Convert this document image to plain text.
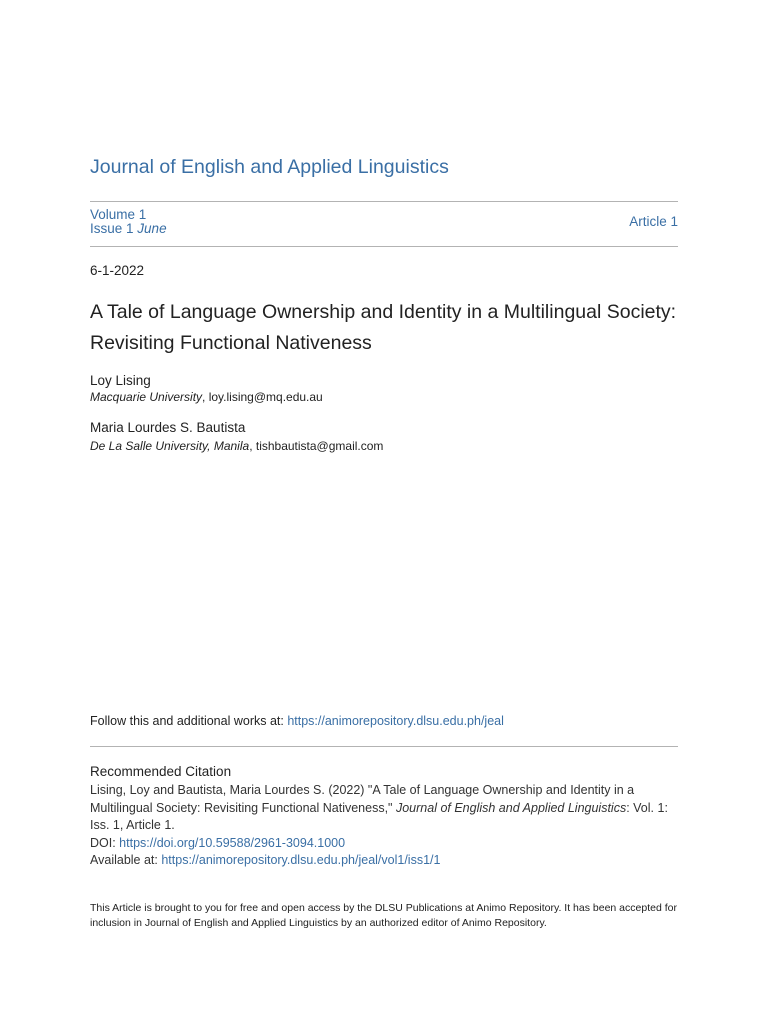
Journal of English and Applied Linguistics
Volume 1
Issue 1 June	Article 1
6-1-2022
A Tale of Language Ownership and Identity in a Multilingual Society: Revisiting Functional Nativeness
Loy Lising
Macquarie University, loy.lising@mq.edu.au
Maria Lourdes S. Bautista
De La Salle University, Manila, tishbautista@gmail.com
Follow this and additional works at: https://animorepository.dlsu.edu.ph/jeal
Recommended Citation
Lising, Loy and Bautista, Maria Lourdes S. (2022) "A Tale of Language Ownership and Identity in a Multilingual Society: Revisiting Functional Nativeness," Journal of English and Applied Linguistics: Vol. 1: Iss. 1, Article 1.
DOI: https://doi.org/10.59588/2961-3094.1000
Available at: https://animorepository.dlsu.edu.ph/jeal/vol1/iss1/1
This Article is brought to you for free and open access by the DLSU Publications at Animo Repository. It has been accepted for inclusion in Journal of English and Applied Linguistics by an authorized editor of Animo Repository.
